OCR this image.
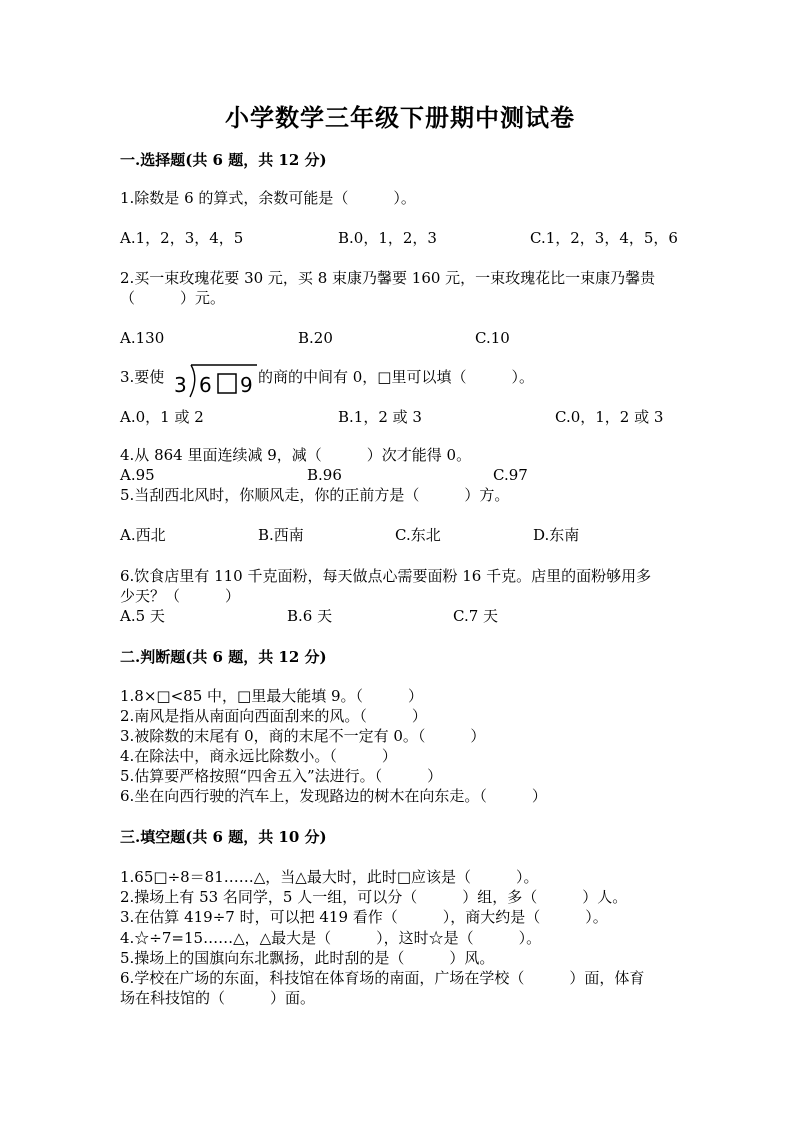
小学数学三年级下册期中测试卷
一.选择题(共 6 题，共 12 分)
1.除数是 6 的算式，余数可能是（　　　）。
A.1，2，3，4，5	B.0，1，2，3	C.1，2，3，4，5，6
2.买一束玫瑰花要 30 元，买 8 束康乃馨要 160 元，一束玫瑰花比一束康乃馨贵
（　　　）元。
A.130	B.20	C.10
3.要使 3 6 9 的商的中间有 0，□里可以填（　　　）。
A.0，1 或 2	B.1，2 或 3	C.0，1，2 或 3
4.从 864 里面连续减 9，减（　　　）次才能得 0。
A.95	B.96	C.97
5.当刮西北风时，你顺风走，你的正前方是（　　　）方。
A.西北	B.西南	C.东北	D.东南
6.饮食店里有 110 千克面粉，每天做点心需要面粉 16 千克。店里的面粉够用多
少天？（　　　）
A.5 天	B.6 天	C.7 天
二.判断题(共 6 题，共 12 分)
1.8×□<85 中，□里最大能填 9。（　　　）
2.南风是指从南面向西面刮来的风。（　　　）
3.被除数的末尾有 0，商的末尾不一定有 0。（　　　）
4.在除法中，商永远比除数小。（　　　）
5.估算要严格按照“四舍五入”法进行。（　　　）
6.坐在向西行驶的汽车上，发现路边的树木在向东走。（　　　）
三.填空题(共 6 题，共 10 分)
1.65□÷8＝81……△，当△最大时，此时□应该是（　　　）。
2.操场上有 53 名同学，5 人一组，可以分（　　　）组，多（　　　）人。
3.在估算 419÷7 时，可以把 419 看作（　　　），商大约是（　　　）。
4.☆÷7=15……△，△最大是（　　　），这时☆是（　　　）。
5.操场上的国旗向东北飘扬，此时刮的是（　　　）风。
6.学校在广场的东面，科技馆在体育场的南面，广场在学校（　　　）面，体育
场在科技馆的（　　　）面。
